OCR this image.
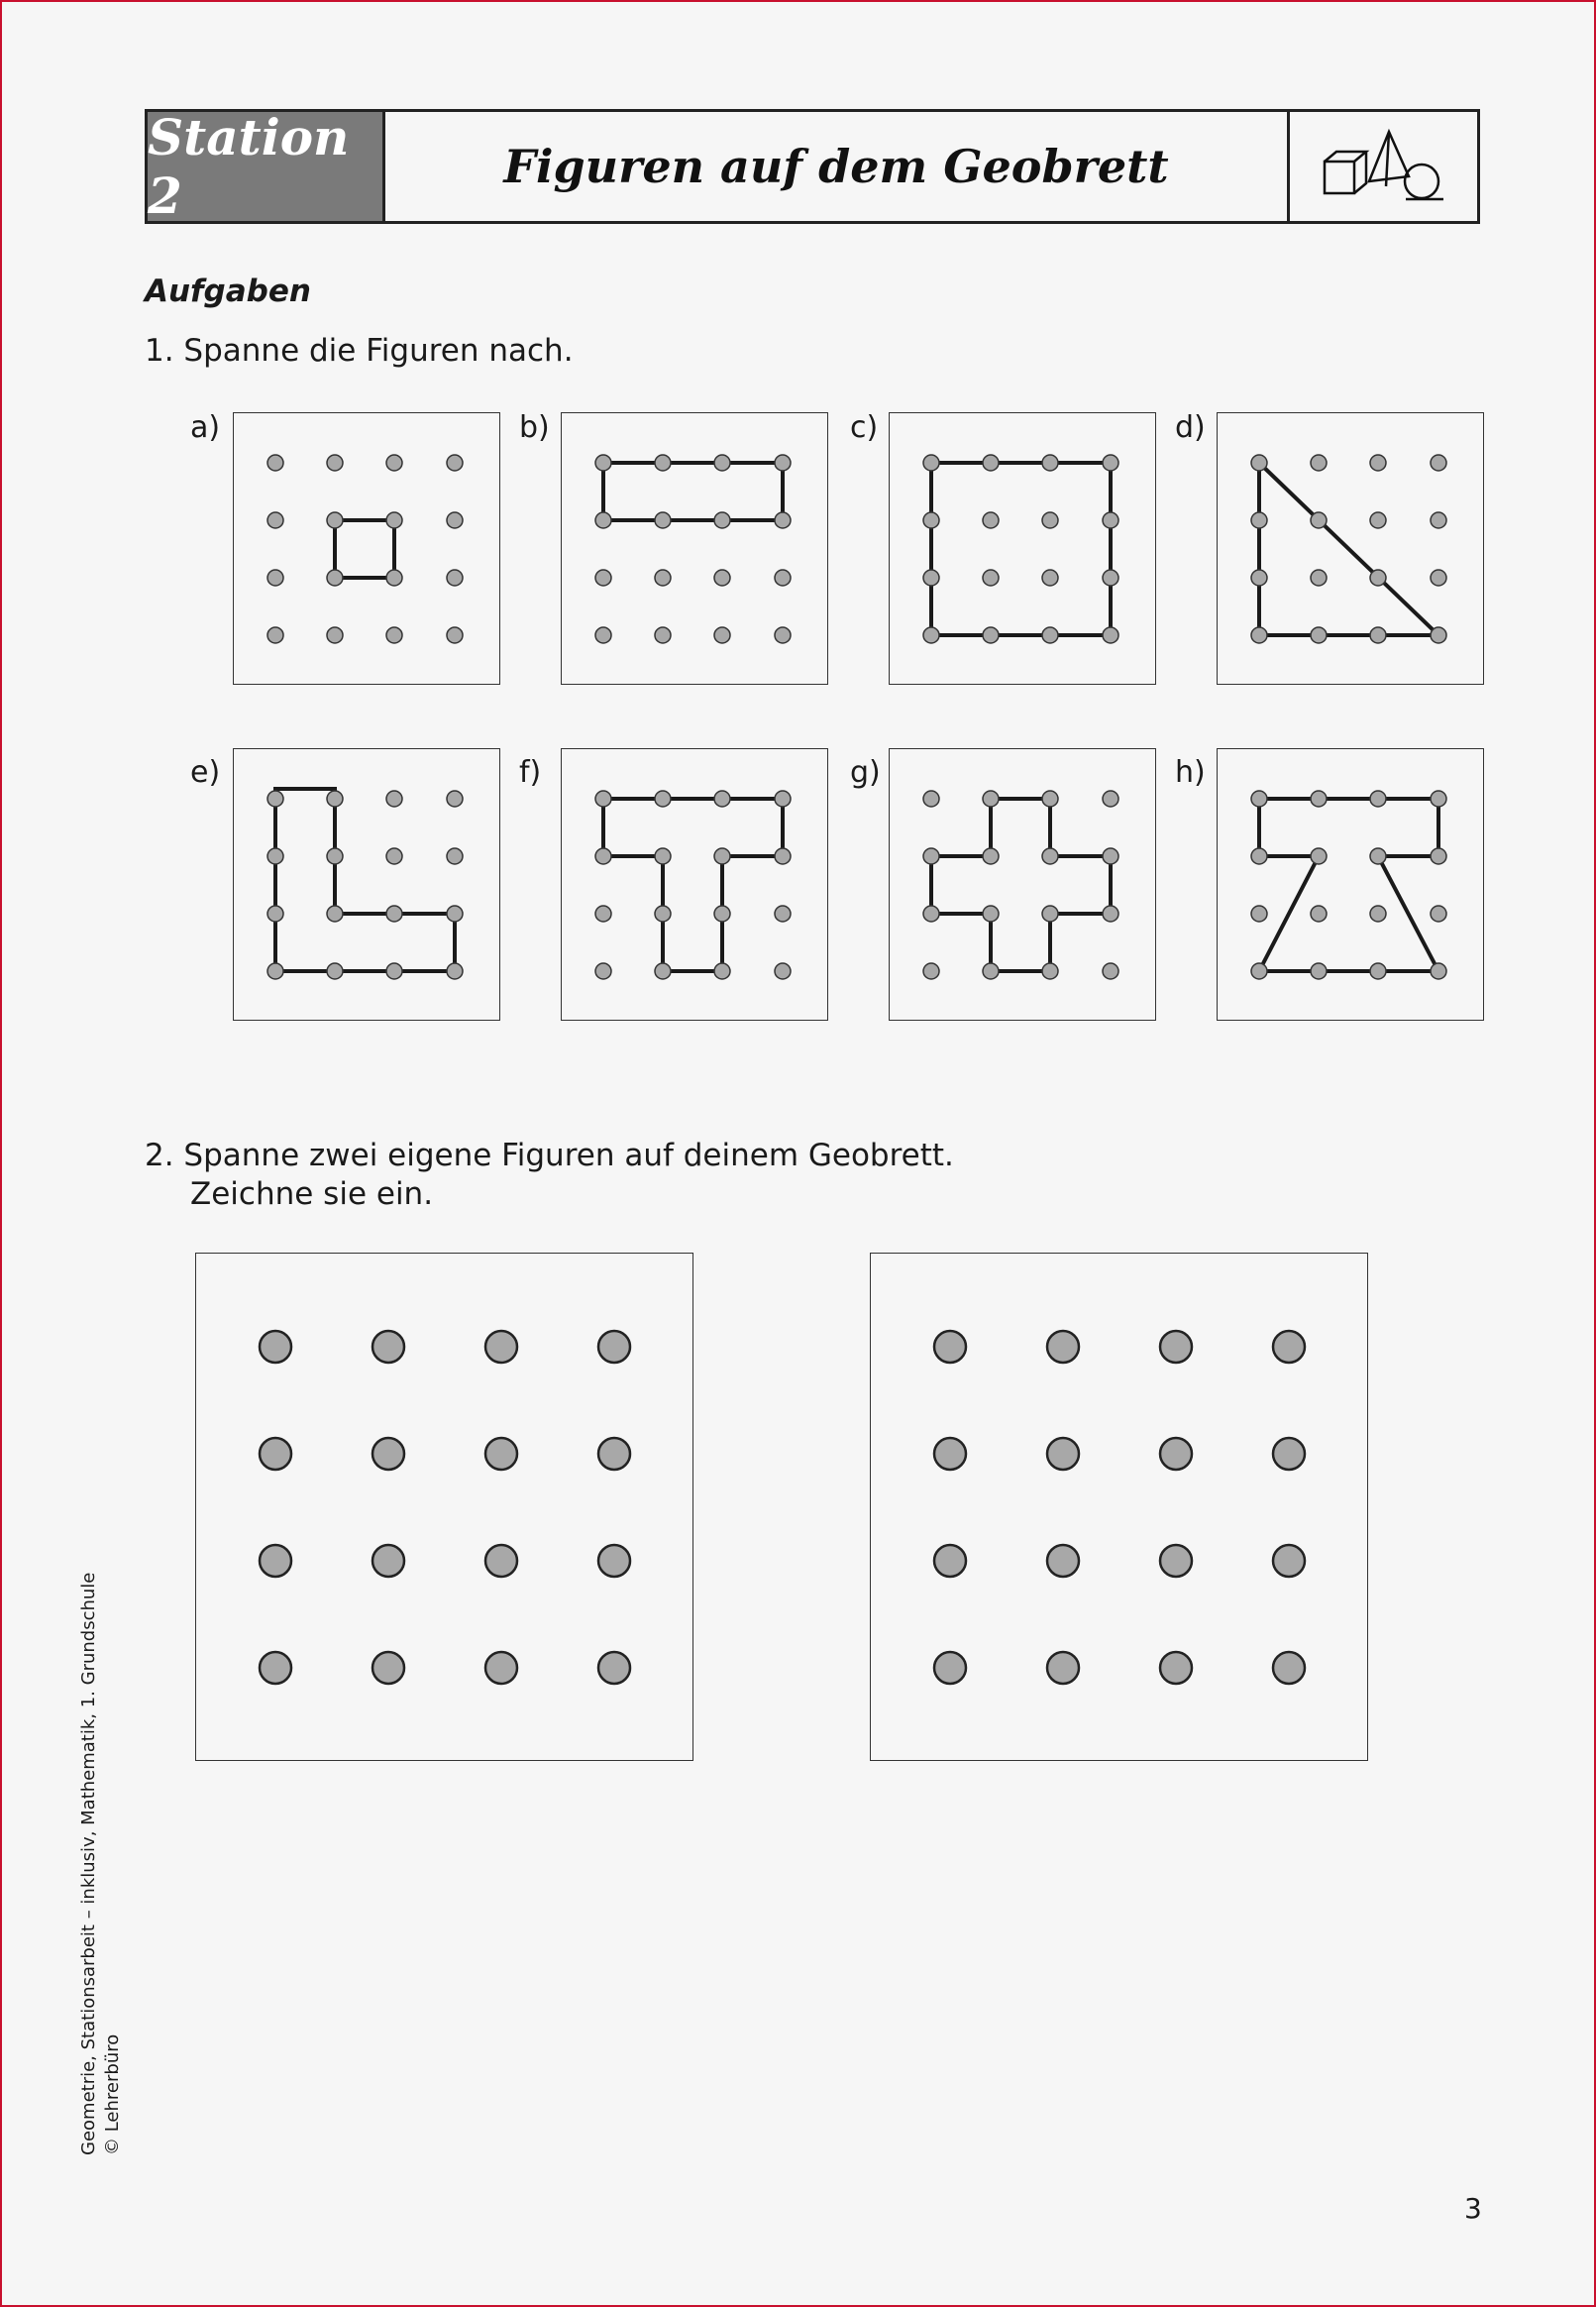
Station 2	Figuren auf dem Geobrett
Aufgaben
1. Spanne die Figuren nach.
a)	b)	c)	d)
e)	f)	g)	h)
2. Spanne zwei eigene Figuren auf deinem Geobrett.
Zeichne sie ein.
Geometrie, Stationsarbeit – inklusiv, Mathematik, 1. Grundschule © Lehrerbüro
3
